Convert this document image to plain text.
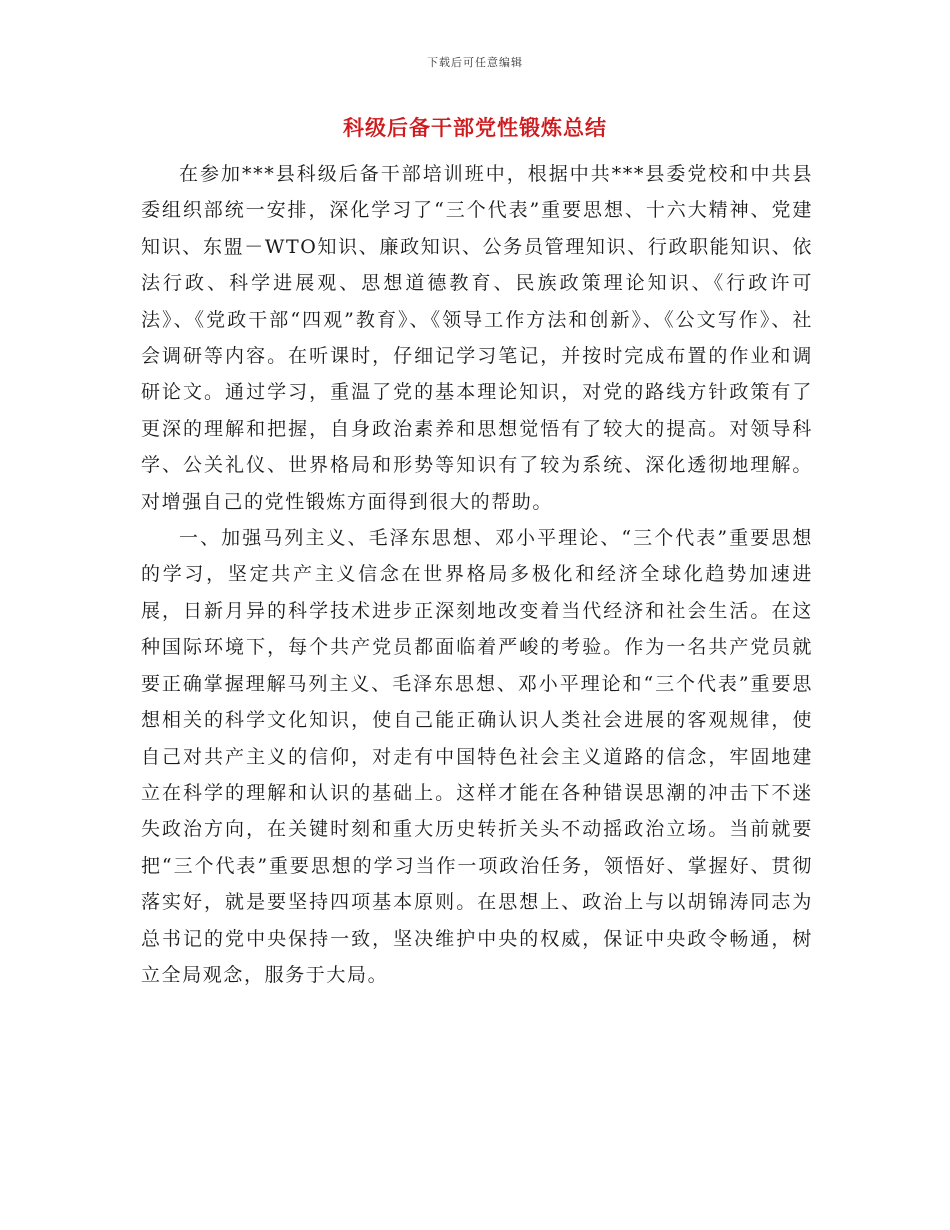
下载后可任意编辑
科级后备干部党性锻炼总结

在参加***县科级后备干部培训班中，根据中共***县委党校和中共县委组织部统一安排，深化学习了“三个代表”重要思想、十六大精神、党建知识、东盟－WTO知识、廉政知识、公务员管理知识、行政职能知识、依法行政、科学进展观、思想道德教育、民族政策理论知识、《行政许可法》、《党政干部“四观”教育》、《领导工作方法和创新》、《公文写作》、社会调研等内容。在听课时，仔细记学习笔记，并按时完成布置的作业和调研论文。通过学习，重温了党的基本理论知识，对党的路线方针政策有了更深的理解和把握，自身政治素养和思想觉悟有了较大的提高。对领导科学、公关礼仪、世界格局和形势等知识有了较为系统、深化透彻地理解。对增强自己的党性锻炼方面得到很大的帮助。

一、加强马列主义、毛泽东思想、邓小平理论、“三个代表”重要思想的学习，坚定共产主义信念在世界格局多极化和经济全球化趋势加速进展，日新月异的科学技术进步正深刻地改变着当代经济和社会生活。在这种国际环境下，每个共产党员都面临着严峻的考验。作为一名共产党员就要正确掌握理解马列主义、毛泽东思想、邓小平理论和“三个代表”重要思想相关的科学文化知识，使自己能正确认识人类社会进展的客观规律，使自己对共产主义的信仰，对走有中国特色社会主义道路的信念，牢固地建立在科学的理解和认识的基础上。这样才能在各种错误思潮的冲击下不迷失政治方向，在关键时刻和重大历史转折关头不动摇政治立场。当前就要把“三个代表”重要思想的学习当作一项政治任务，领悟好、掌握好、贯彻落实好，就是要坚持四项基本原则。在思想上、政治上与以胡锦涛同志为总书记的党中央保持一致，坚决维护中央的权威，保证中央政令畅通，树立全局观念，服务于大局。
